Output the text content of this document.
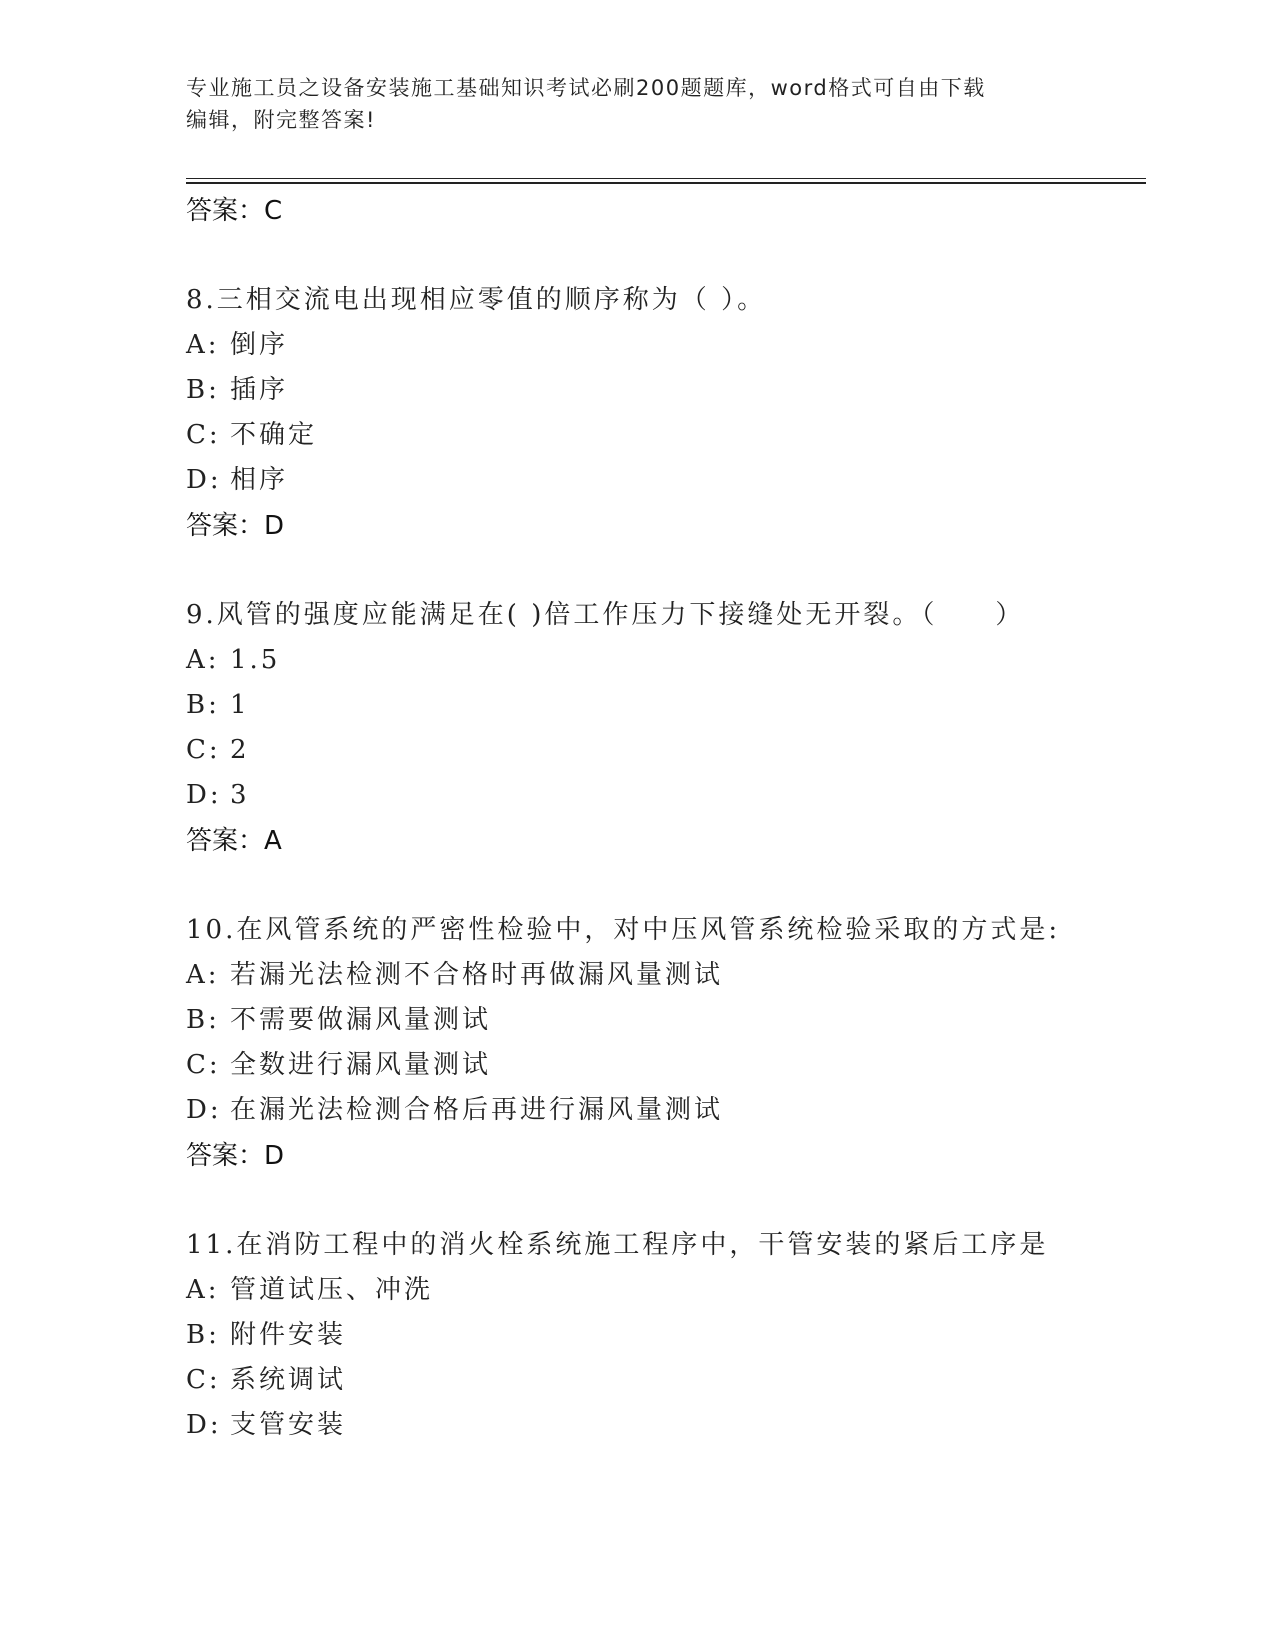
专业施工员之设备安装施工基础知识考试必刷200题题库，word格式可自由下载

编辑，附完整答案!

答案：C
8.三相交流电出现相应零值的顺序称为（ ）。
A: 倒序
B: 插序
C: 不确定
D: 相序
答案：D
9.风管的强度应能满足在( )倍工作压力下接缝处无开裂。（　　）
A: 1.5
B: 1
C: 2
D: 3
答案：A
10.在风管系统的严密性检验中，对中压风管系统检验采取的方式是:
A: 若漏光法检测不合格时再做漏风量测试
B: 不需要做漏风量测试
C: 全数进行漏风量测试
D: 在漏光法检测合格后再进行漏风量测试
答案：D
11.在消防工程中的消火栓系统施工程序中，干管安装的紧后工序是
A: 管道试压、冲洗
B: 附件安装
C: 系统调试
D: 支管安装
